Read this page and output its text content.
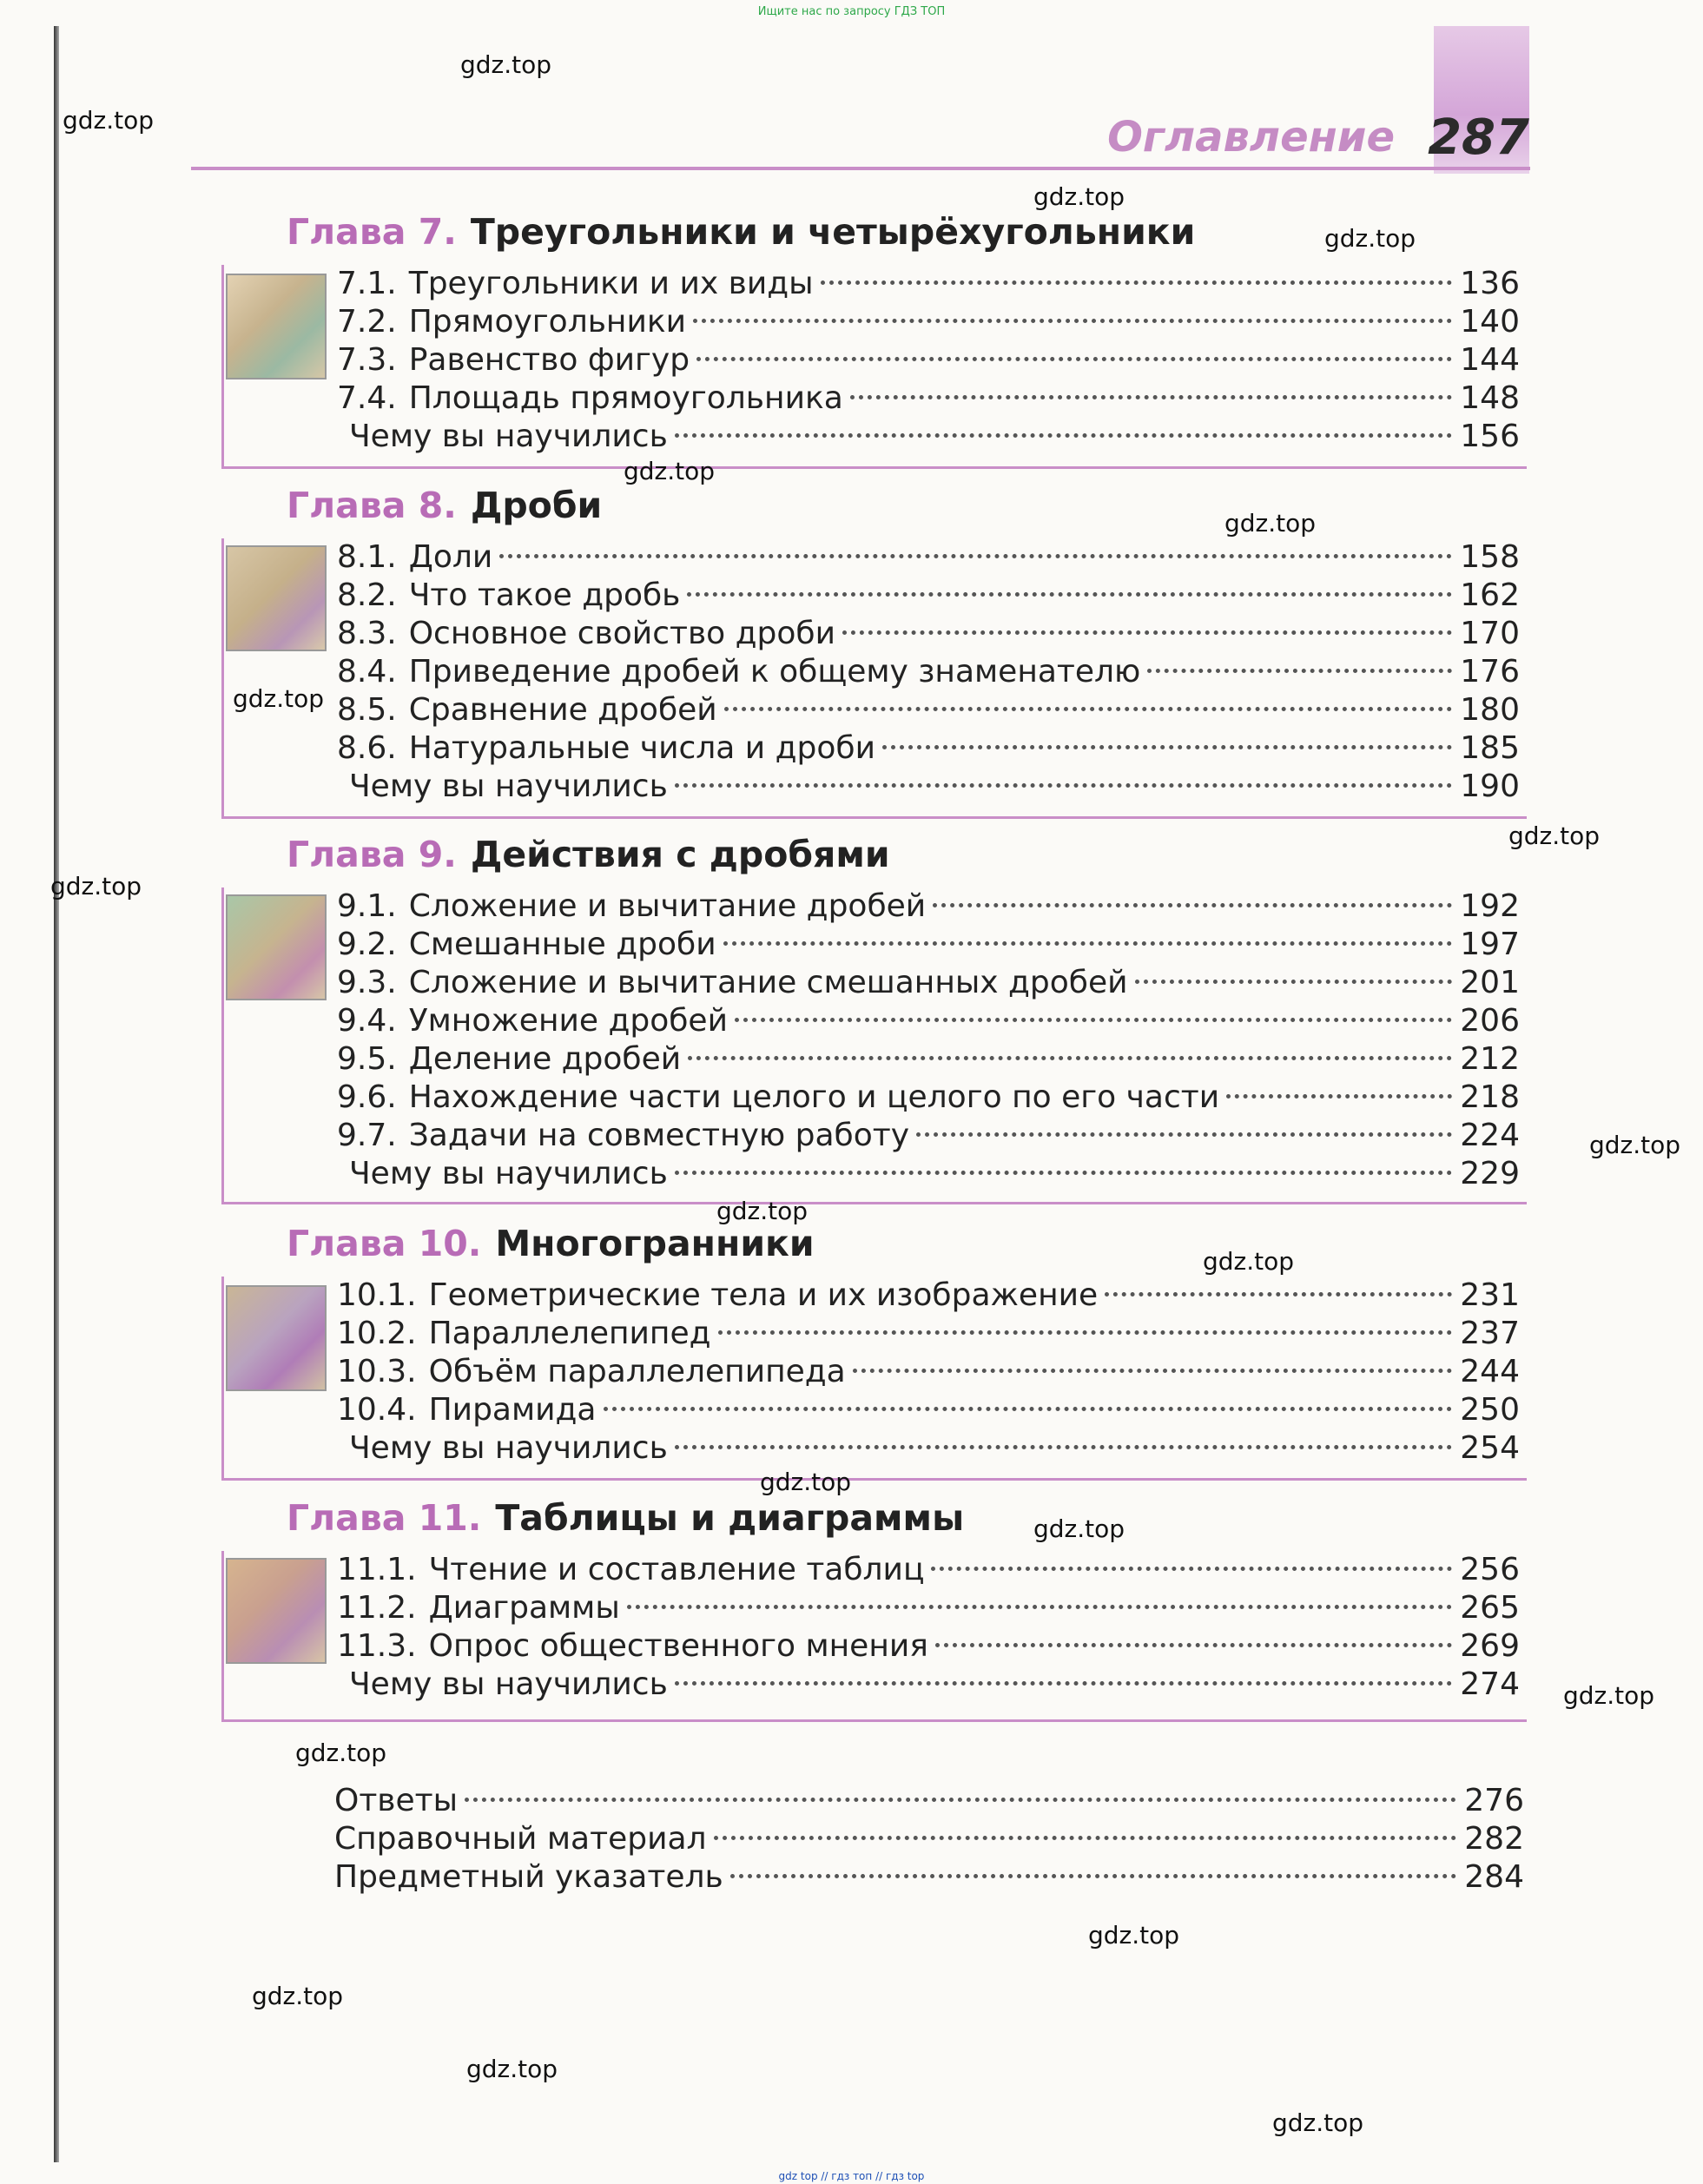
Ищите нас по запросу ГДЗ ТОП
Оглавление 287
Глава 7. Треугольники и четырёхугольники
7.1. Треугольники и их виды	136
7.2. Прямоугольники	140
7.3. Равенство фигур	144
7.4. Площадь прямоугольника	148
Чему вы научились	156
Глава 8. Дроби
8.1. Доли	158
8.2. Что такое дробь	162
8.3. Основное свойство дроби	170
8.4. Приведение дробей к общему знаменателю	176
8.5. Сравнение дробей	180
8.6. Натуральные числа и дроби	185
Чему вы научились	190
Глава 9. Действия с дробями
9.1. Сложение и вычитание дробей	192
9.2. Смешанные дроби	197
9.3. Сложение и вычитание смешанных дробей	201
9.4. Умножение дробей	206
9.5. Деление дробей	212
9.6. Нахождение части целого и целого по его части	218
9.7. Задачи на совместную работу	224
Чему вы научились	229
Глава 10. Многогранники
10.1. Геометрические тела и их изображение	231
10.2. Параллелепипед	237
10.3. Объём параллелепипеда	244
10.4. Пирамида	250
Чему вы научились	254
Глава 11. Таблицы и диаграммы
11.1. Чтение и составление таблиц	256
11.2. Диаграммы	265
11.3. Опрос общественного мнения	269
Чему вы научились	274
Ответы	276
Справочный материал	282
Предметный указатель	284
gdz.top
gdz.top
gdz.top
gdz.top
gdz.top
gdz.top
gdz.top
gdz.top
gdz.top
gdz.top
gdz.top
gdz.top
gdz.top
gdz.top
gdz.top
gdz.top
gdz.top
gdz.top
gdz.top
gdz.top
gdz top // гдз топ // гдз top
